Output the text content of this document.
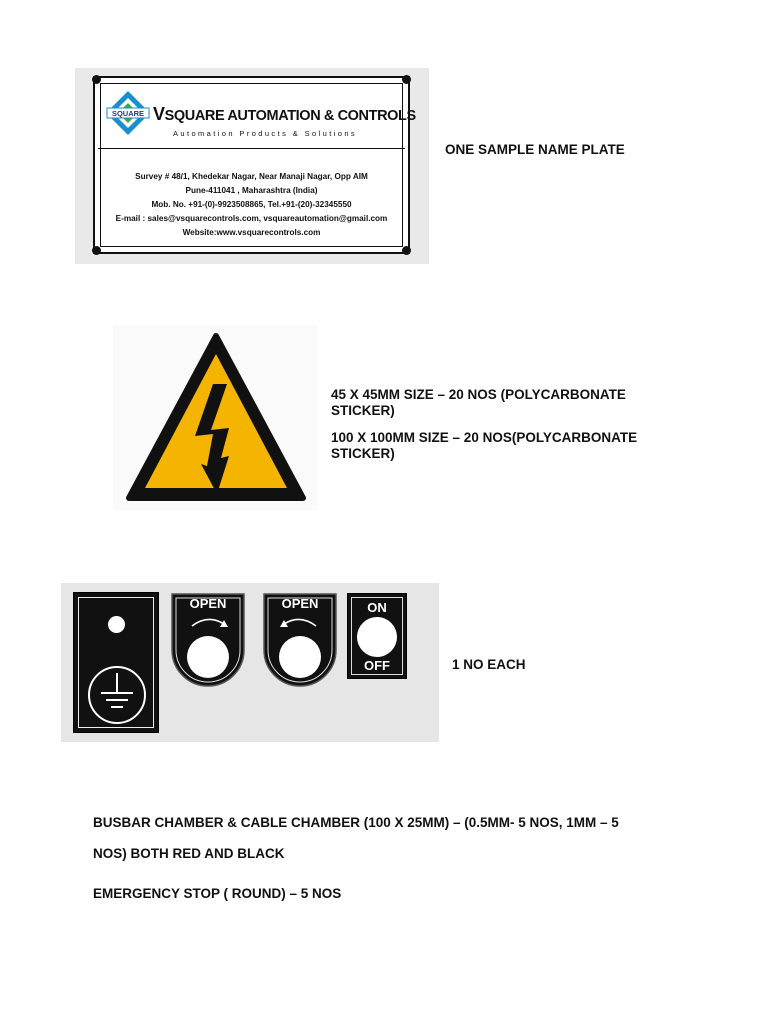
SQUARE VSQUARE AUTOMATION & CONTROLS
Automation Products & Solutions
Survey # 48/1, Khedekar Nagar, Near Manaji Nagar, Opp AIM
Pune-411041 , Maharashtra (India)
Mob. No. +91-(0)-9923508865, Tel.+91-(20)-32345550
E-mail : sales@vsquarecontrols.com, vsquareautomation@gmail.com
Website:www.vsquarecontrols.com
ONE SAMPLE NAME PLATE
45 X 45MM SIZE – 20 NOS (POLYCARBONATE
STICKER)
100 X 100MM SIZE – 20 NOS(POLYCARBONATE
STICKER)
OPEN	OPEN	ON
OFF	1 NO EACH
BUSBAR CHAMBER & CABLE CHAMBER (100 X 25MM) – (0.5MM- 5 NOS, 1MM – 5
NOS) BOTH RED AND BLACK
EMERGENCY STOP ( ROUND) – 5 NOS
